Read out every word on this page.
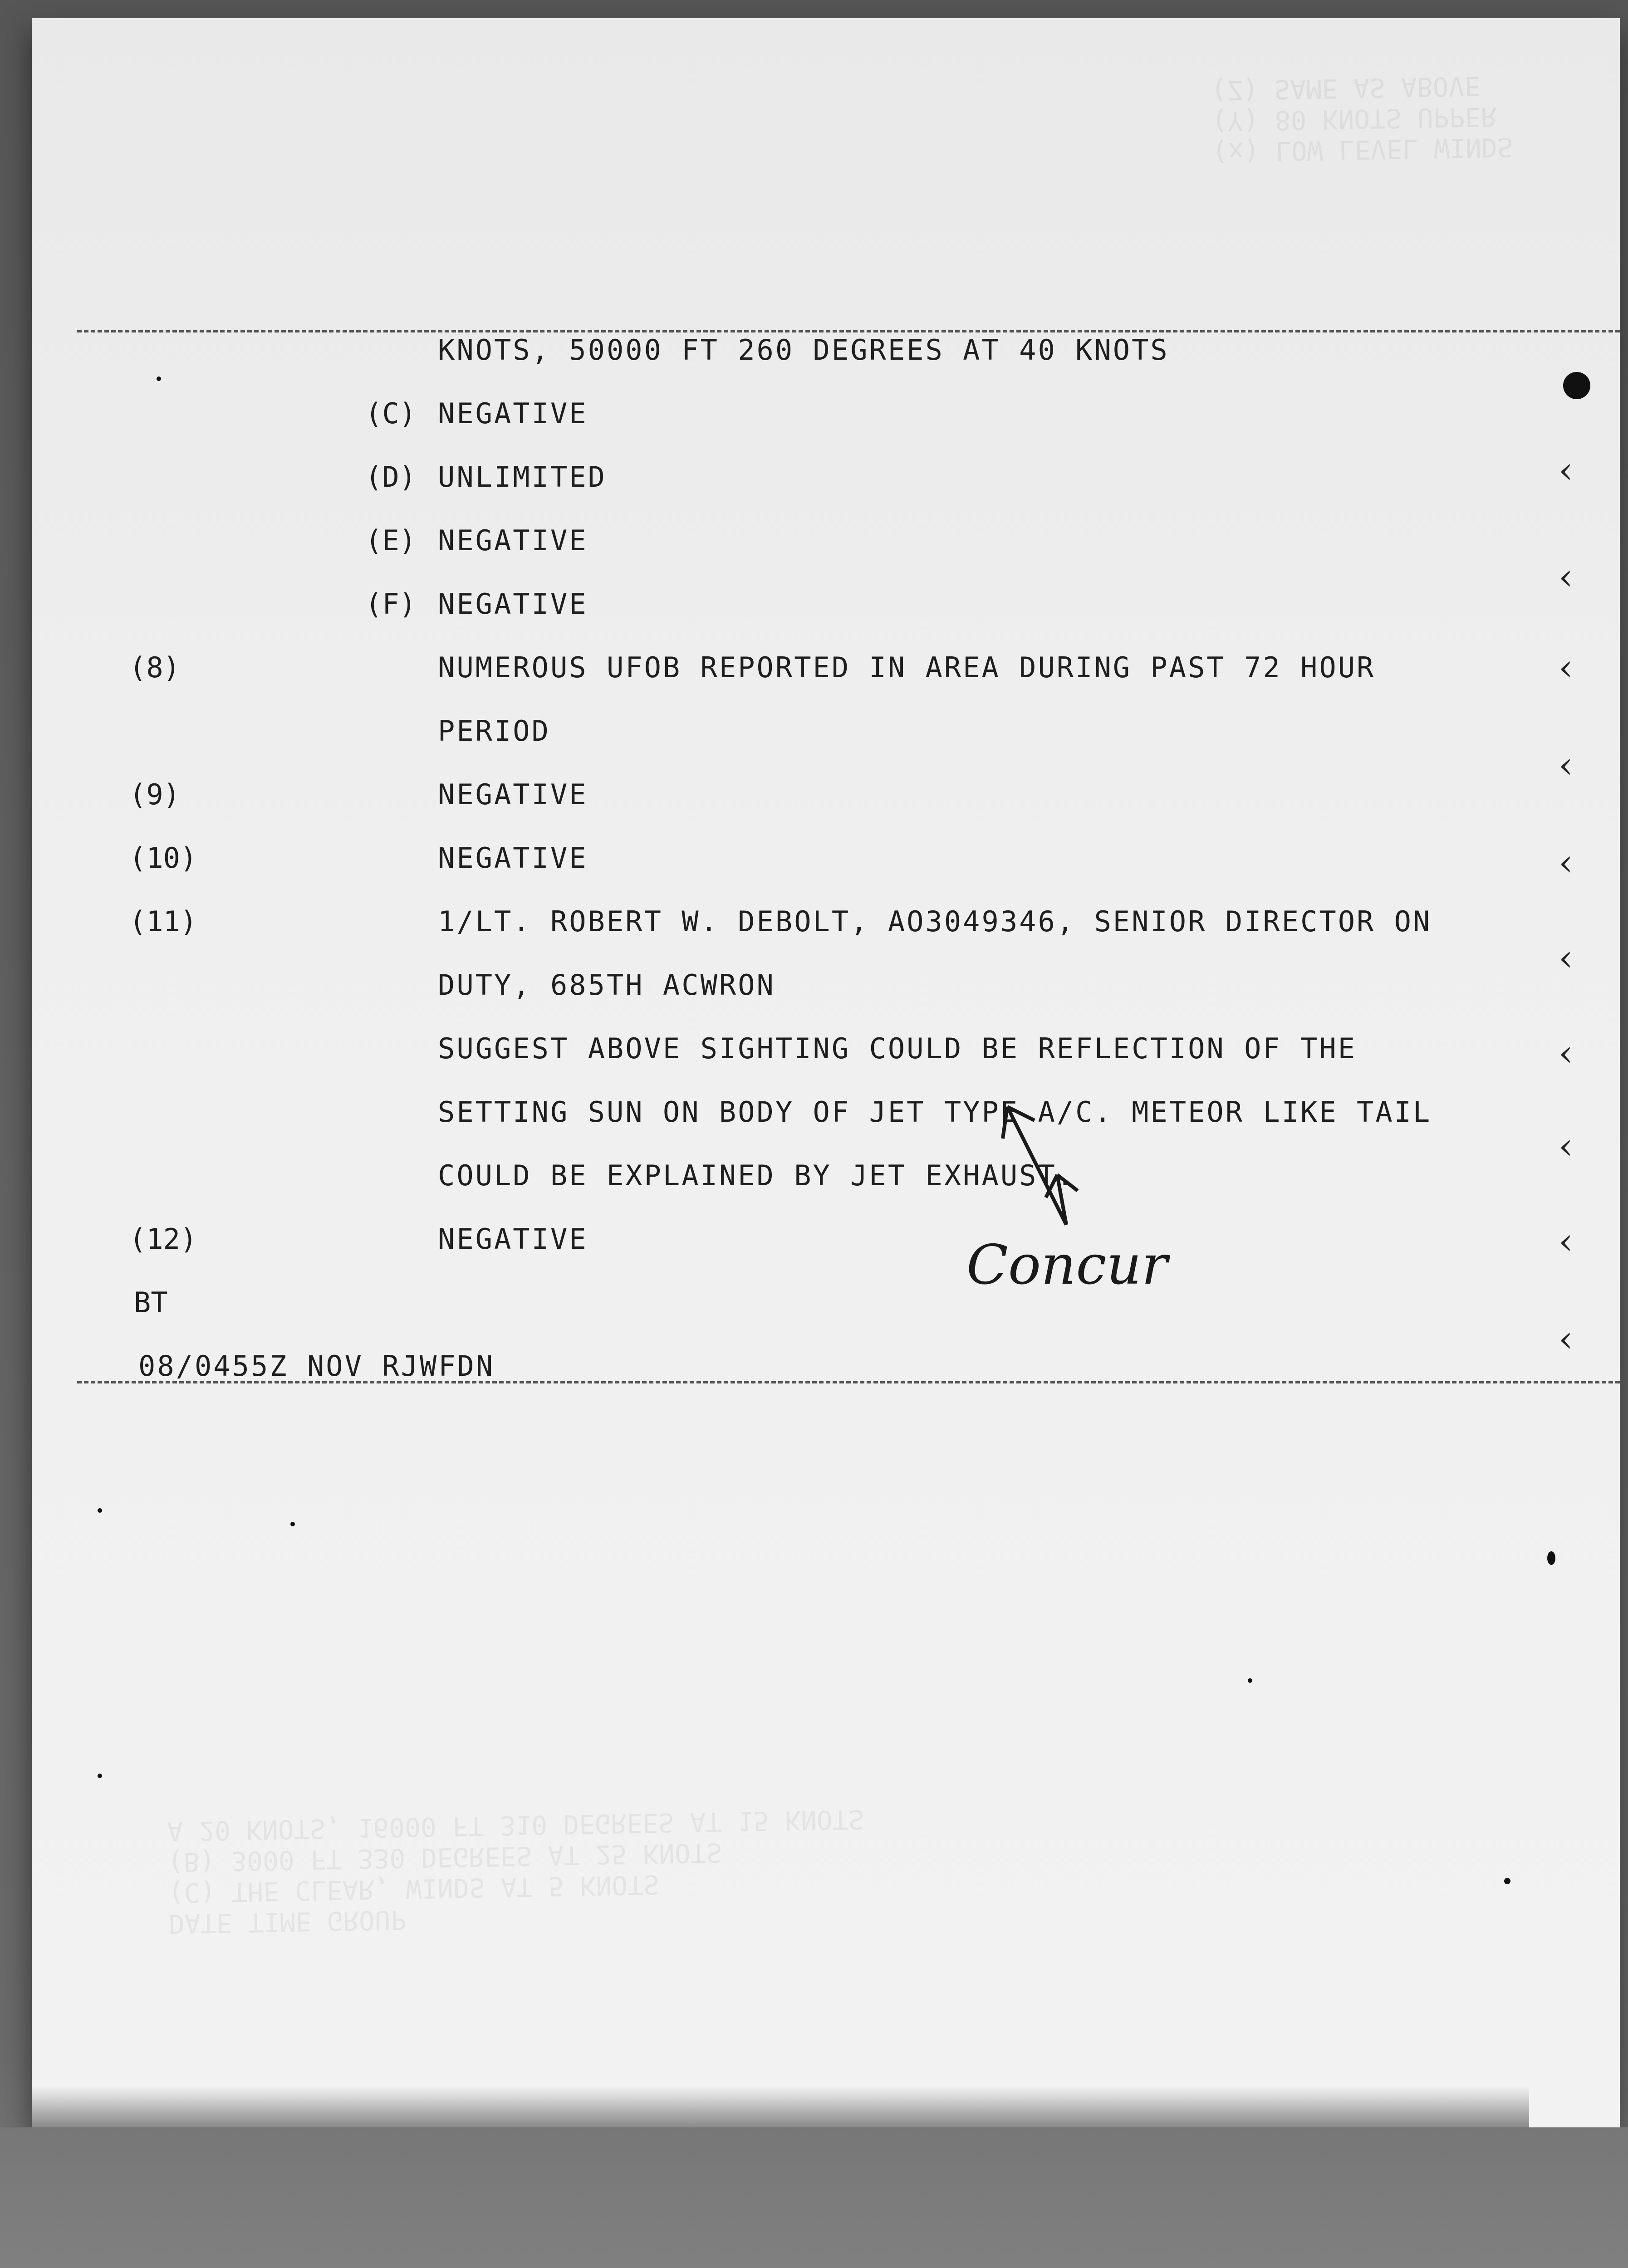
(x) LOW LEVEL WINDS
(Y) 80 KNOTS UPPER
(Z) SAME AS ABOVE
DATE TIME GROUP
(C) THE CLEAR, WINDS AT 5 KNOTS
(B) 3000 FT 330 DEGREES AT 25 KNOTS
A 20 KNOTS, 16000 FT 310 DEGREES AT 15 KNOTS
KNOTS, 50000 FT 260 DEGREES AT 40 KNOTS
(C) NEGATIVE
(D) UNLIMITED
(E) NEGATIVE
(F) NEGATIVE
(8)	NUMEROUS UFOB REPORTED IN AREA DURING PAST 72 HOUR
PERIOD
(9)	NEGATIVE
(10)	NEGATIVE
(11)	1/LT. ROBERT W. DEBOLT, AO3049346, SENIOR DIRECTOR ON
DUTY, 685TH ACWRON
SUGGEST ABOVE SIGHTING COULD BE REFLECTION OF THE
SETTING SUN ON BODY OF JET TYPE A/C. METEOR LIKE TAIL
COULD BE EXPLAINED BY JET EXHAUST.
(12)	NEGATIVE
BT
08/0455Z NOV RJWFDN
Concur
‹
‹
‹
‹
‹
‹
‹
‹
‹
‹
